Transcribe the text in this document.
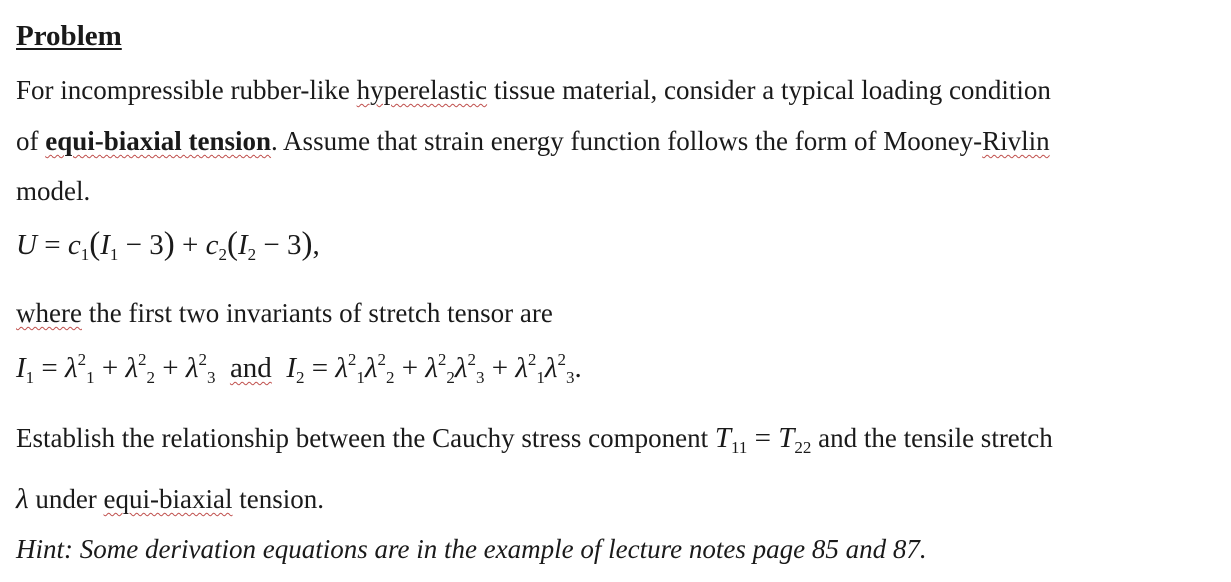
Problem
For incompressible rubber-like hyperelastic tissue material, consider a typical loading condition
of equi-biaxial tension. Assume that strain energy function follows the form of Mooney-Rivlin
model.
$U = c_1(I_1 - 3) + c_2(I_2 - 3)$,
where the first two invariants of stretch tensor are
$I_1 = \lambda^2_1 + \lambda^2_2 + \lambda^2_3$ and $I_2 = \lambda^2_1\lambda^2_2 + \lambda^2_2\lambda^2_3 + \lambda^2_1\lambda^2_3$.
Establish the relationship between the Cauchy stress component $T_{11} = T_{22}$ and the tensile stretch
λ under equi-biaxial tension.
Hint: Some derivation equations are in the example of lecture notes page 85 and 87.
